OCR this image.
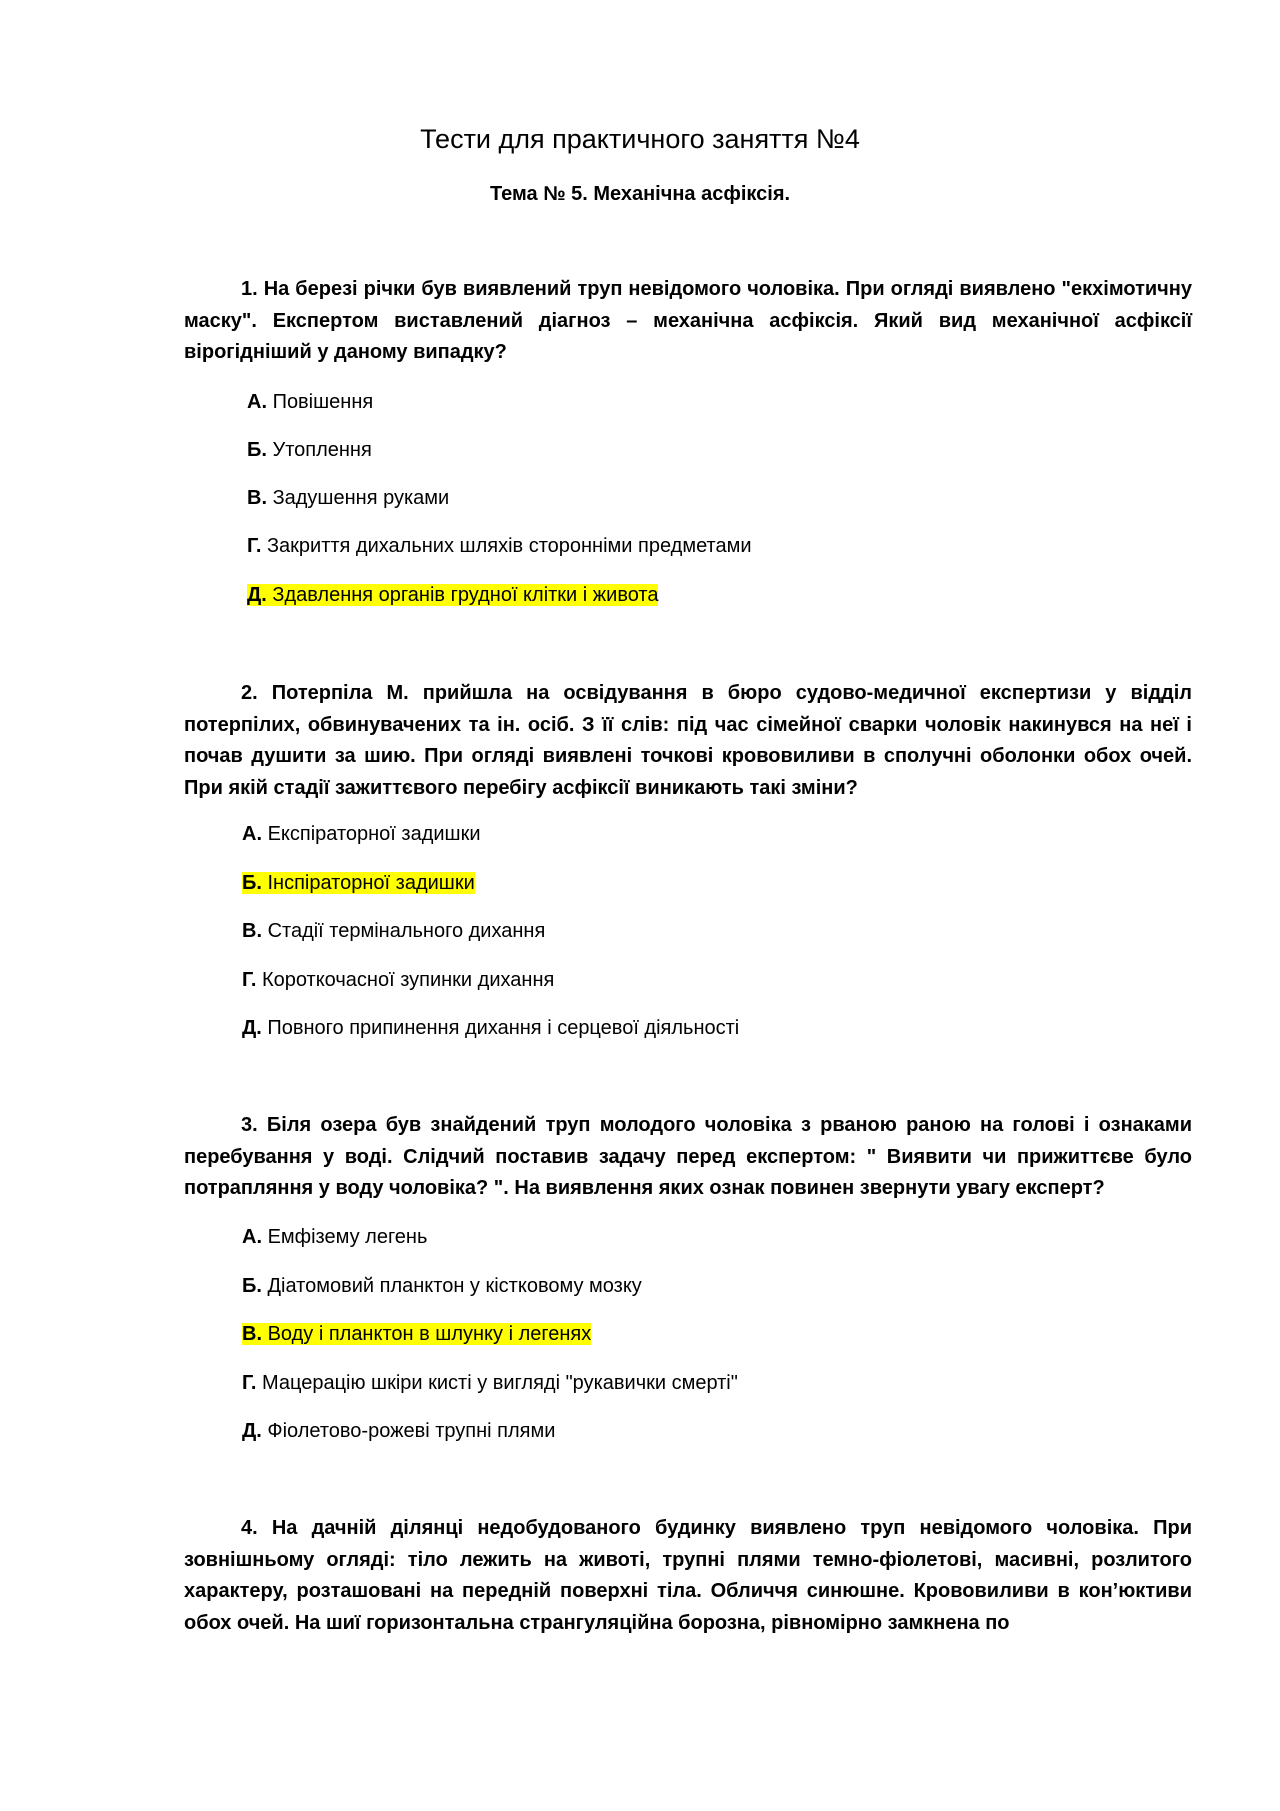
Тести для практичного заняття №4
Тема № 5. Механічна асфіксія.

1. На березі річки був виявлений труп невідомого чоловіка. При огляді виявлено "екхімотичну маску". Експертом виставлений діагноз – механічна асфіксія. Який вид механічної асфіксії вірогідніший у даному випадку?

А. Повішення
Б. Утоплення
В. Задушення руками
Г. Закриття дихальних шляхів сторонніми предметами
Д. Здавлення органів грудної клітки і живота

2. Потерпіла М. прийшла на освідування в бюро судово-медичної експертизи у відділ потерпілих, обвинувачених та ін. осіб. З її слів: під час сімейної сварки чоловік накинувся на неї і почав душити за шию. При огляді виявлені точкові крововиливи в сполучні оболонки обох очей. При якій стадії зажиттєвого перебігу асфіксії виникають такі зміни?

А. Експіраторної задишки
Б. Інспіраторної задишки
В. Стадії термінального дихання
Г. Короткочасної зупинки дихання
Д. Повного припинення дихання і серцевої діяльності

3. Біля озера був знайдений труп молодого чоловіка з рваною раною на голові і ознаками перебування у воді. Слідчий поставив задачу перед експертом: " Виявити чи прижиттєве було потрапляння у воду чоловіка? ". На виявлення яких ознак повинен звернути увагу експерт?

А. Емфізему легень
Б. Діатомовий планктон у кістковому мозку
В. Воду і планктон в шлунку і легенях
Г. Мацерацію шкіри кисті у вигляді "рукавички смерті"
Д. Фіолетово-рожеві трупні плями

4. На дачній ділянці недобудованого будинку виявлено труп невідомого чоловіка. При зовнішньому огляді: тіло лежить на животі, трупні плями темно-фіолетові, масивні, розлитого характеру, розташовані на передній поверхні тіла. Обличчя синюшне. Крововиливи в кон’юктиви обох очей. На шиї горизонтальна странгуляційна борозна, рівномірно замкнена по
